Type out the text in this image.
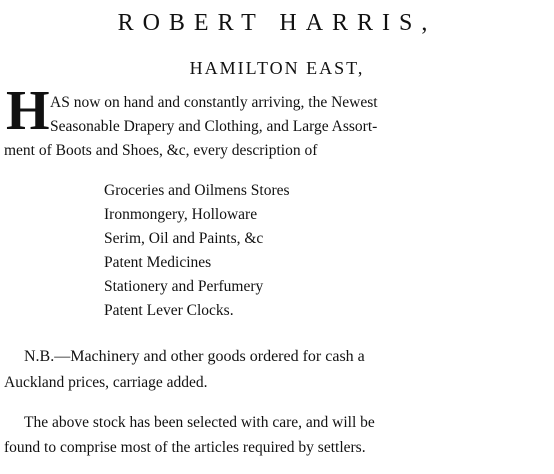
ROBERT HARRIS,
HAMILTON EAST,
H AS now on hand and constantly arriving, the Newest
Seasonable Drapery and Clothing, and Large Assort-
ment of Boots and Shoes, &c, every description of
Groceries and Oilmens Stores
Ironmongery, Holloware
Serim, Oil and Paints, &c
Patent Medicines
Stationery and Perfumery
Patent Lever Clocks.
N.B.—Machinery and other goods ordered for cash a
Auckland prices, carriage added.
The above stock has been selected with care, and will be
found to comprise most of the articles required by settlers.
